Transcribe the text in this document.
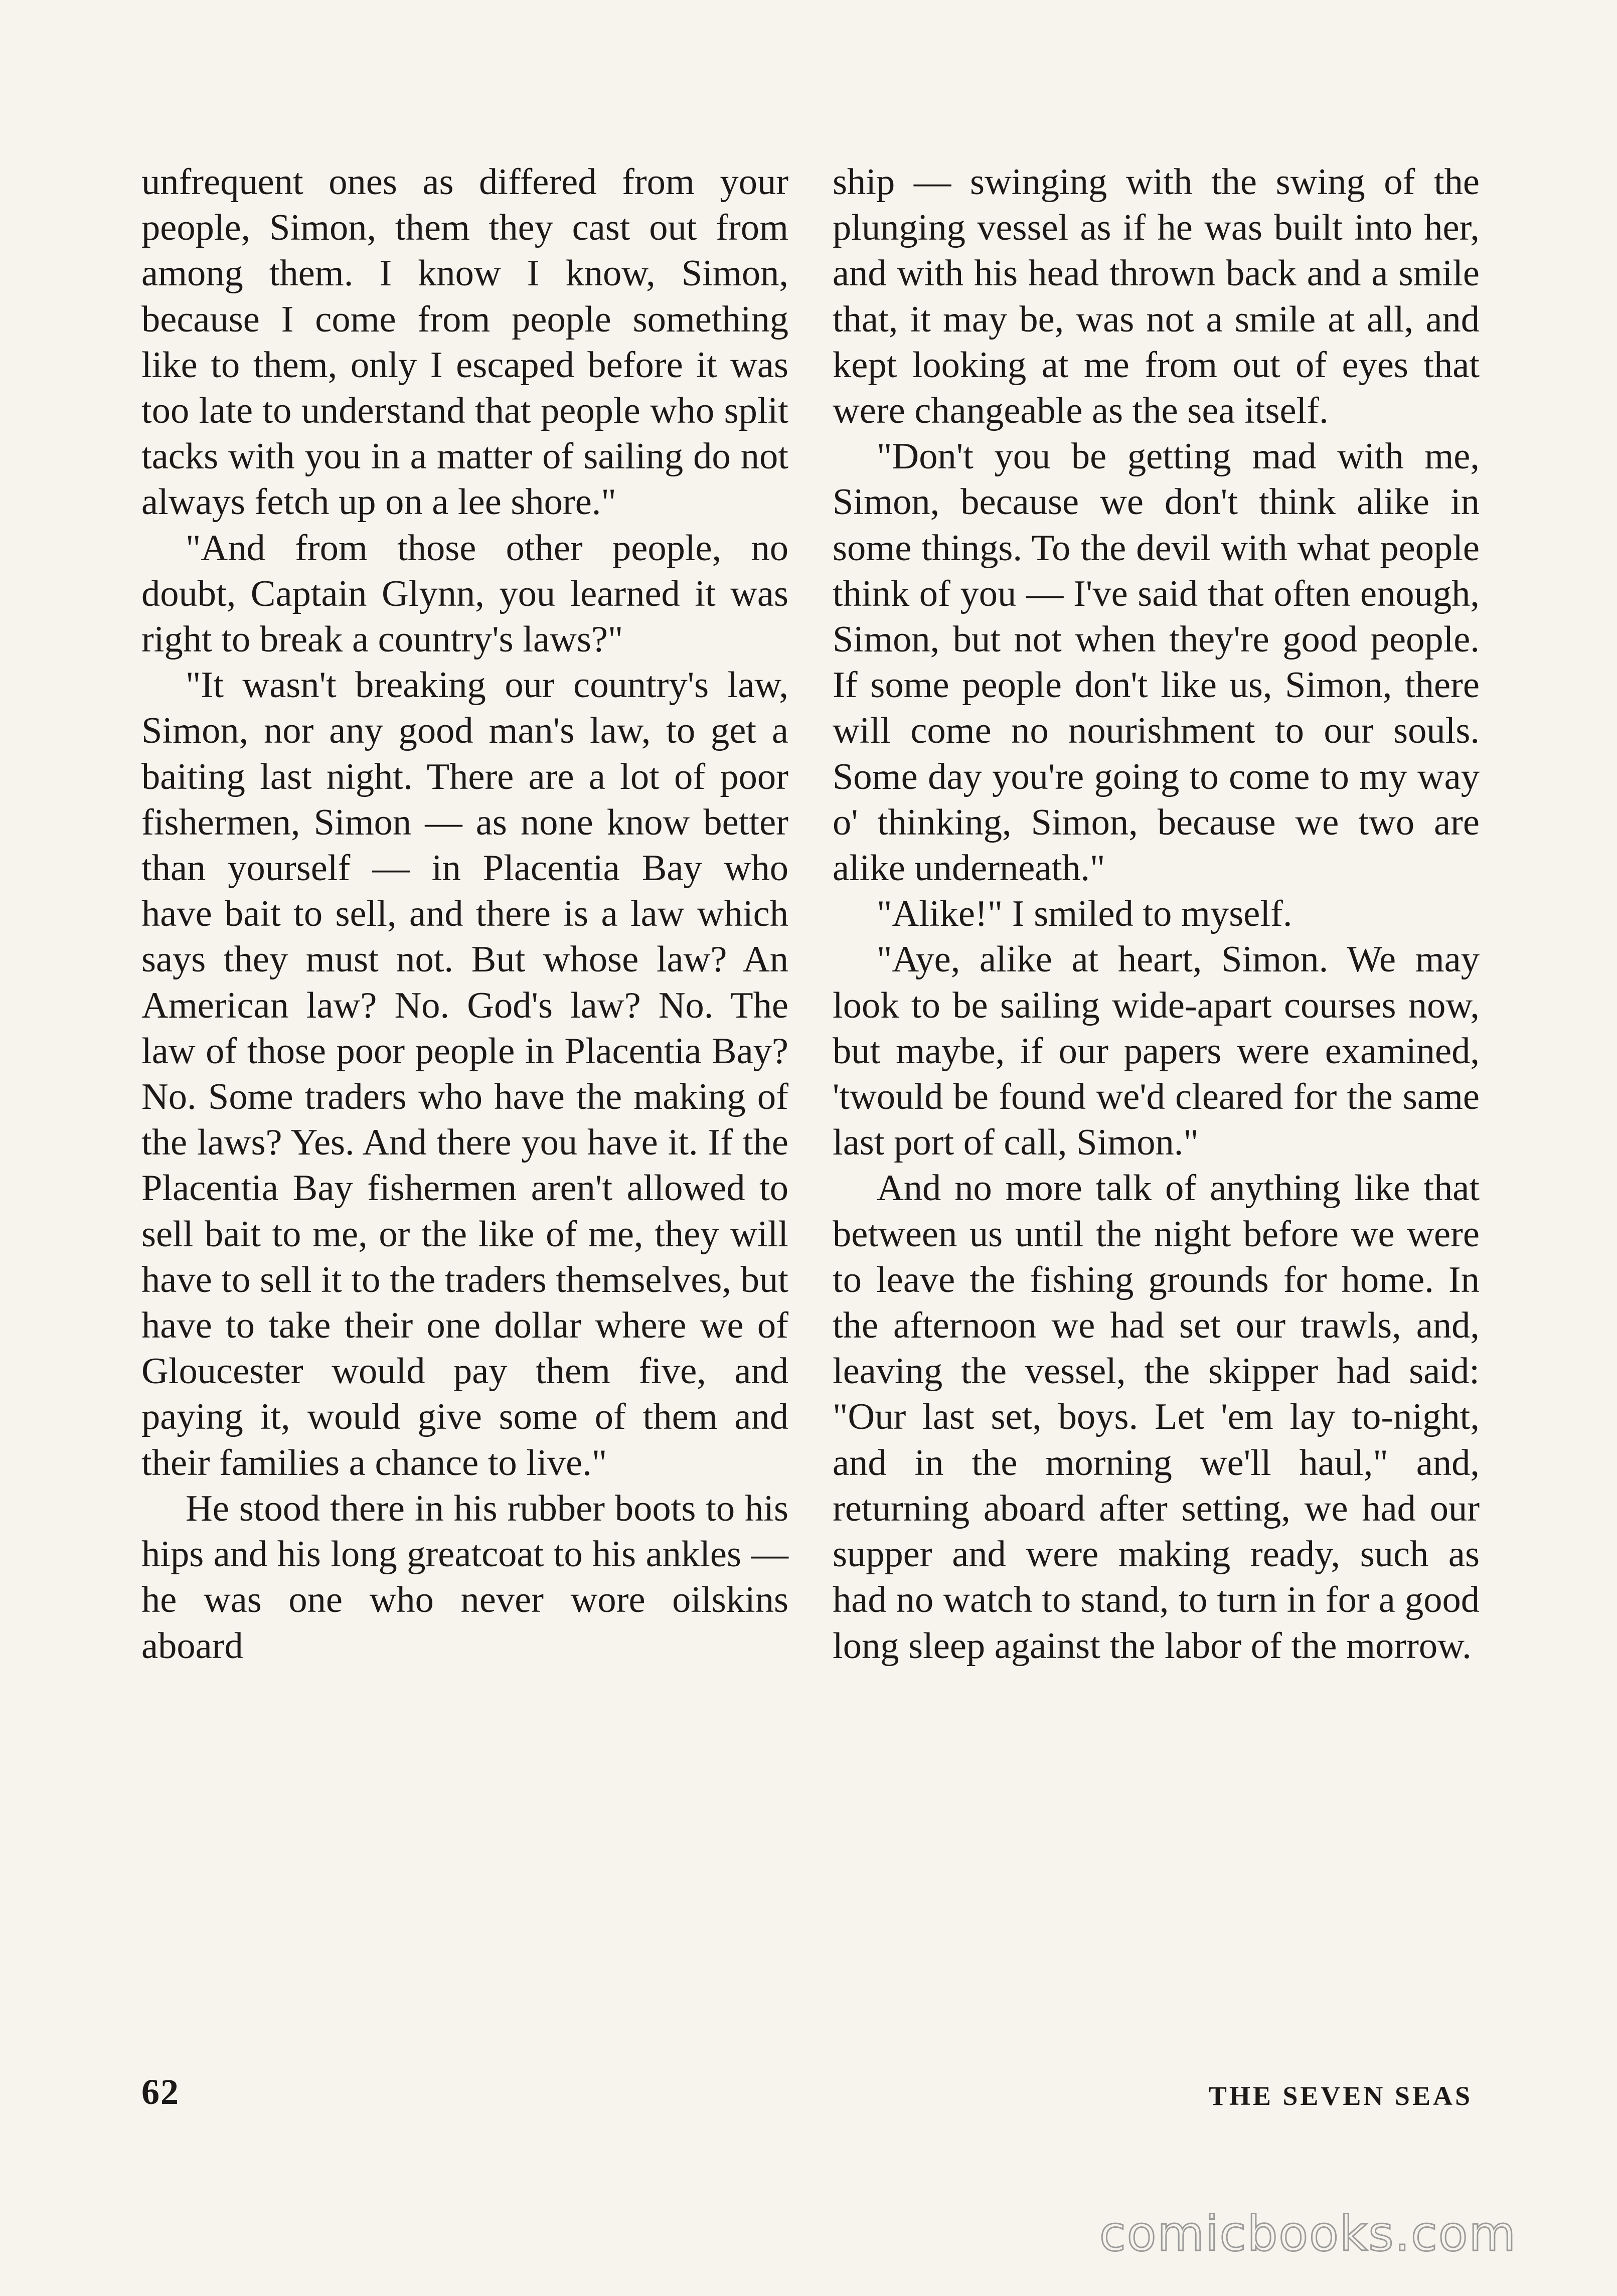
unfrequent ones as differed from your people, Simon, them they cast out from among them. I know I know, Simon, because I come from people something like to them, only I escaped before it was too late to understand that people who split tacks with you in a matter of sailing do not always fetch up on a lee shore."

"And from those other people, no doubt, Captain Glynn, you learned it was right to break a country's laws?"

"It wasn't breaking our country's law, Simon, nor any good man's law, to get a baiting last night. There are a lot of poor fishermen, Simon — as none know better than yourself — in Placentia Bay who have bait to sell, and there is a law which says they must not. But whose law? An American law? No. God's law? No. The law of those poor people in Placentia Bay? No. Some traders who have the making of the laws? Yes. And there you have it. If the Placentia Bay fishermen aren't allowed to sell bait to me, or the like of me, they will have to sell it to the traders themselves, but have to take their one dollar where we of Gloucester would pay them five, and paying it, would give some of them and their families a chance to live."

He stood there in his rubber boots to his hips and his long greatcoat to his ankles — he was one who never wore oilskins aboard

ship — swinging with the swing of the plunging vessel as if he was built into her, and with his head thrown back and a smile that, it may be, was not a smile at all, and kept looking at me from out of eyes that were changeable as the sea itself.

"Don't you be getting mad with me, Simon, because we don't think alike in some things. To the devil with what people think of you — I've said that often enough, Simon, but not when they're good people. If some people don't like us, Simon, there will come no nourishment to our souls. Some day you're going to come to my way o' thinking, Simon, because we two are alike underneath."

"Alike!" I smiled to myself.

"Aye, alike at heart, Simon. We may look to be sailing wide-apart courses now, but maybe, if our papers were examined, 'twould be found we'd cleared for the same last port of call, Simon."

And no more talk of anything like that between us until the night before we were to leave the fishing grounds for home. In the afternoon we had set our trawls, and, leaving the vessel, the skipper had said: "Our last set, boys. Let 'em lay to-night, and in the morning we'll haul," and, returning aboard after setting, we had our supper and were making ready, such as had no watch to stand, to turn in for a good long sleep against the labor of the morrow.

62	THE SEVEN SEAS
comicbooks.com
